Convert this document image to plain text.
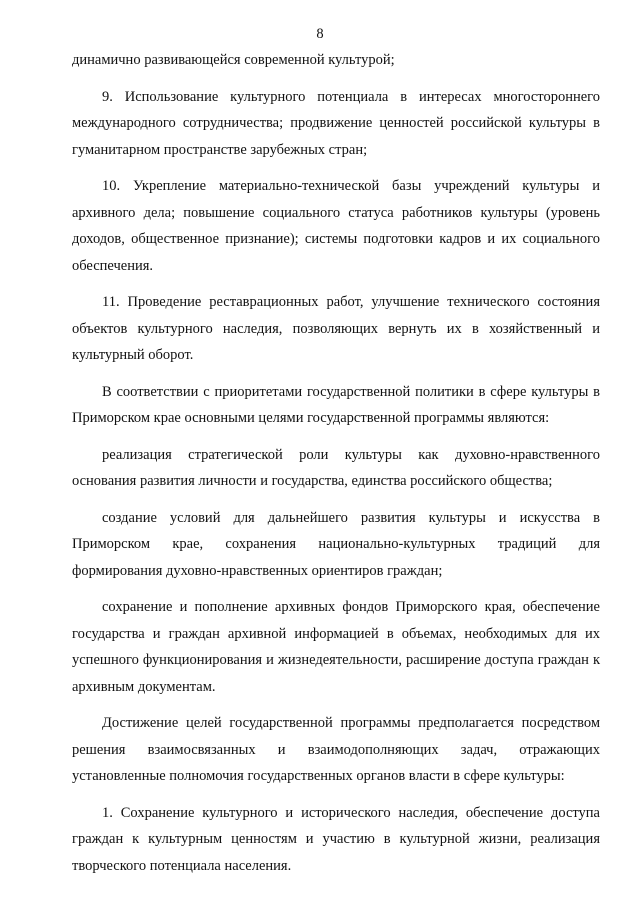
8

динамично развивающейся современной культурой;

9. Использование культурного потенциала в интересах многостороннего международного сотрудничества; продвижение ценностей российской культуры в гуманитарном пространстве зарубежных стран;

10. Укрепление материально-технической базы учреждений культуры и архивного дела; повышение социального статуса работников культуры (уровень доходов, общественное признание); системы подготовки кадров и их социального обеспечения.

11. Проведение реставрационных работ, улучшение технического состояния объектов культурного наследия, позволяющих вернуть их в хозяйственный и культурный оборот.

В соответствии с приоритетами государственной политики в сфере культуры в Приморском крае основными целями государственной программы являются:

реализация стратегической роли культуры как духовно-нравственного основания развития личности и государства, единства российского общества;

создание условий для дальнейшего развития культуры и искусства в Приморском крае, сохранения национально-культурных традиций для формирования духовно-нравственных ориентиров граждан;

сохранение и пополнение архивных фондов Приморского края, обеспечение государства и граждан архивной информацией в объемах, необходимых для их успешного функционирования и жизнедеятельности, расширение доступа граждан к архивным документам.

Достижение целей государственной программы предполагается посредством решения взаимосвязанных и взаимодополняющих задач, отражающих установленные полномочия государственных органов власти в сфере культуры:

1. Сохранение культурного и исторического наследия, обеспечение доступа граждан к культурным ценностям и участию в культурной жизни, реализация творческого потенциала населения.
